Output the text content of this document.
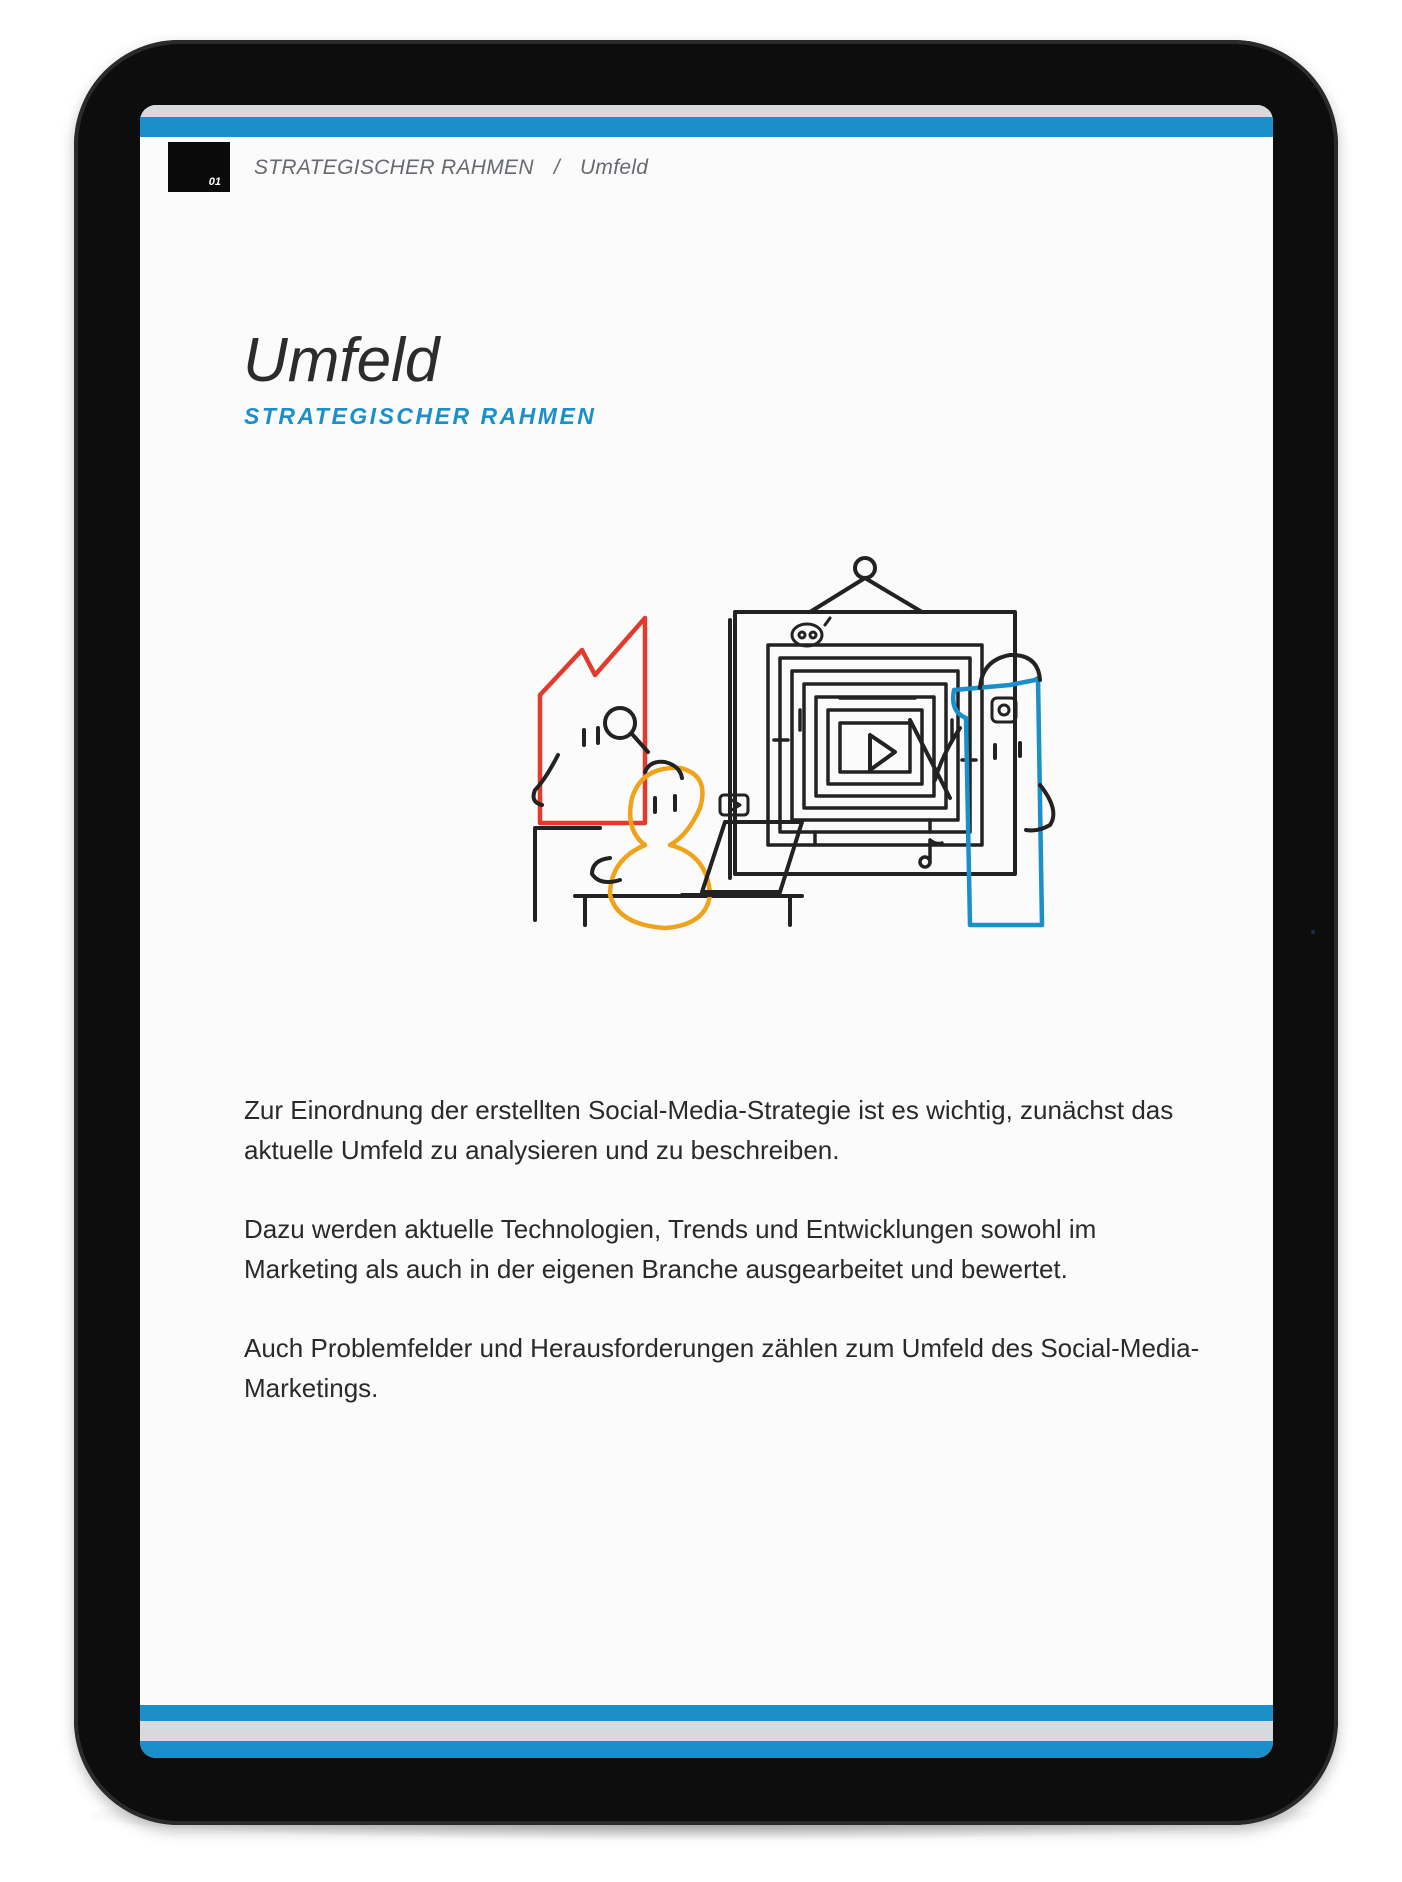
01
STRATEGISCHER RAHMEN / Umfeld
Umfeld
STRATEGISCHER RAHMEN

Zur Einordnung der erstellten Social-Media-Strategie ist es wichtig, zunächst das aktuelle Umfeld zu analysieren und zu beschreiben.

Dazu werden aktuelle Technologien, Trends und Entwicklungen sowohl im Marketing als auch in der eigenen Branche ausgearbeitet und bewertet.

Auch Problemfelder und Herausforderungen zählen zum Umfeld des Social-Media-Marketings.
